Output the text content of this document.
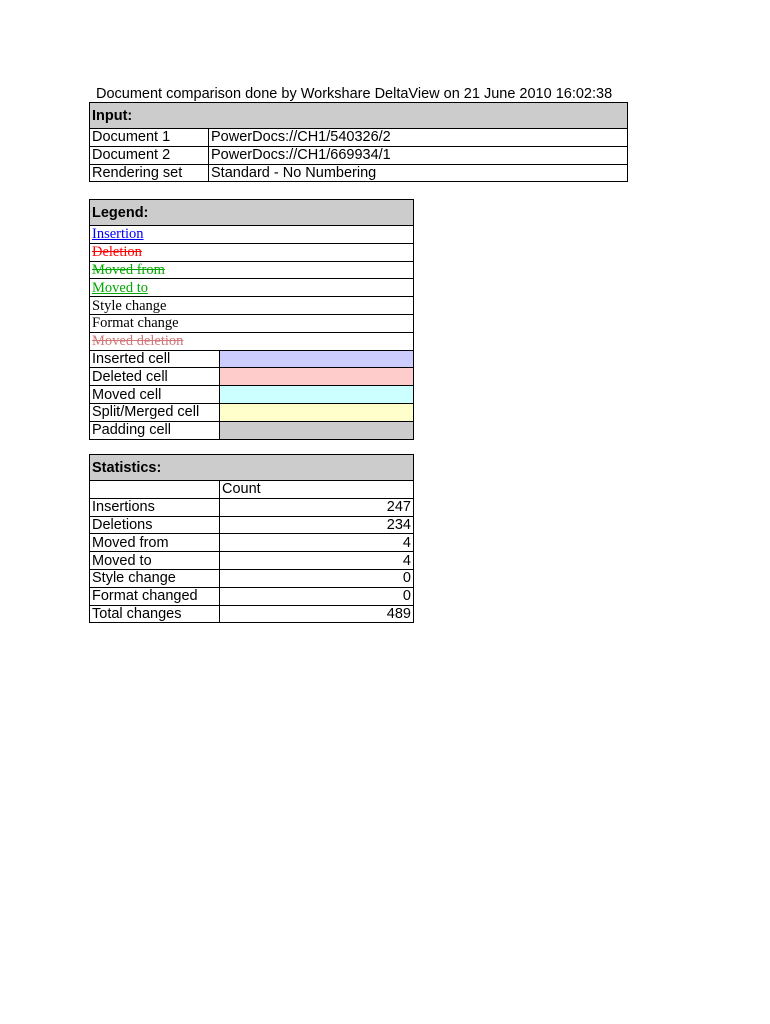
Document comparison done by Workshare DeltaView on 21 June 2010 16:02:38
Input:	
Document 1	PowerDocs://CH1/540326/2
Document 2	PowerDocs://CH1/669934/1
Rendering set	Standard - No Numbering
Legend:	
Insertion	
Deletion	
Moved from	
Moved to	
Style change	
Format change	
Moved deletion	
Inserted cell	
Deleted cell	
Moved cell	
Split/Merged cell	
Padding cell	
Statistics:	
	Count
Insertions	247
Deletions	234
Moved from	4
Moved to	4
Style change	0
Format changed	0
Total changes	489
